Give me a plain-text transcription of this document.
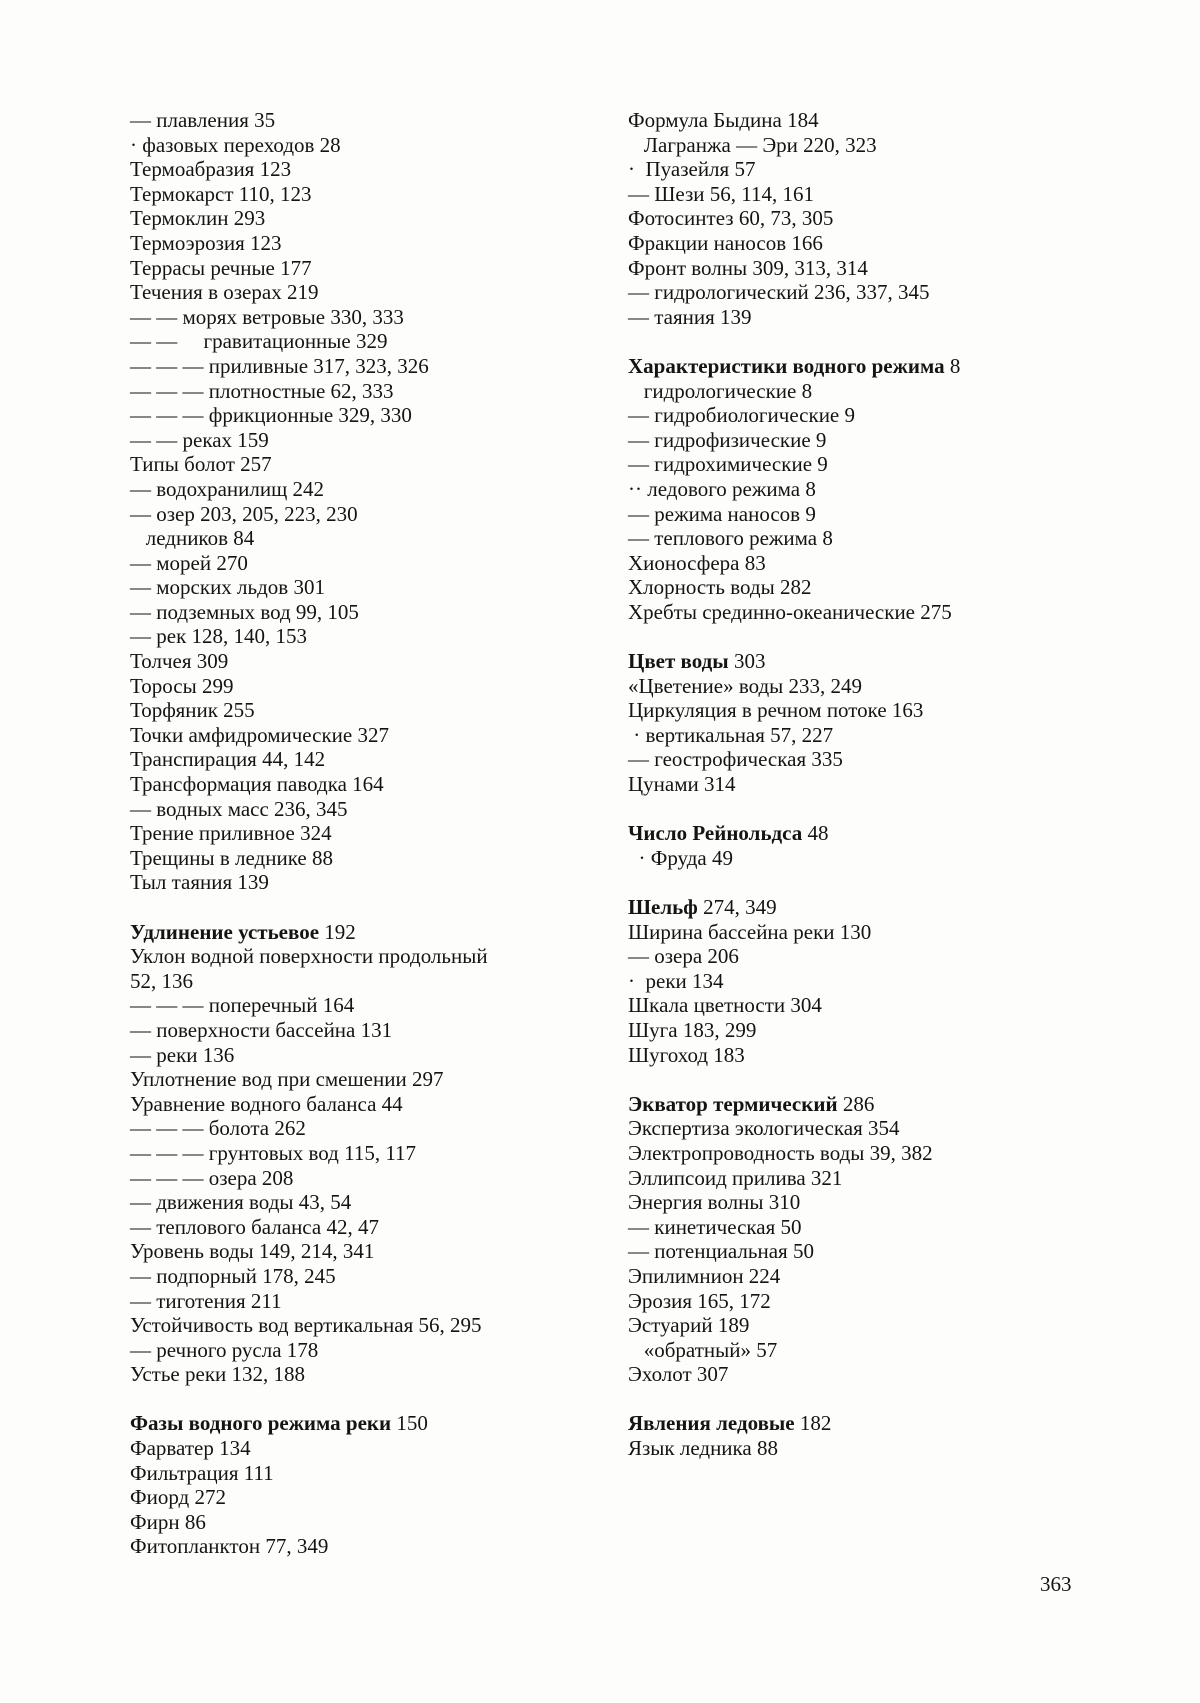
— плавления 35
· фазовых переходов 28
Термоабразия 123
Термокарст 110, 123
Термоклин 293
Термоэрозия 123
Террасы речные 177
Течения в озерах 219
— — морях ветровые 330, 333
— —     гравитационные 329
— — — приливные 317, 323, 326
— — — плотностные 62, 333
— — — фрикционные 329, 330
— — реках 159
Типы болот 257
— водохранилищ 242
— озер 203, 205, 223, 230
ледников 84
— морей 270
— морских льдов 301
— подземных вод 99, 105
— рек 128, 140, 153
Толчея 309
Торосы 299
Торфяник 255
Точки амфидромические 327
Транспирация 44, 142
Трансформация паводка 164
— водных масс 236, 345
Трение приливное 324
Трещины в леднике 88
Тыл таяния 139
Удлинение устьевое 192
Уклон водной поверхности продольный
52, 136
— — — поперечный 164
— поверхности бассейна 131
— реки 136
Уплотнение вод при смешении 297
Уравнение водного баланса 44
— — — болота 262
— — — грунтовых вод 115, 117
— — — озера 208
— движения воды 43, 54
— теплового баланса 42, 47
Уровень воды 149, 214, 341
— подпорный 178, 245
— тиготения 211
Устойчивость вод вертикальная 56, 295
— речного русла 178
Устье реки 132, 188
Фазы водного режима реки 150
Фарватер 134
Фильтрация 111
Фиорд 272
Фирн 86
Фитопланктон 77, 349
Формула Быдина 184
Лагранжа — Эри 220, 323
·  Пуазейля 57
— Шези 56, 114, 161
Фотосинтез 60, 73, 305
Фракции наносов 166
Фронт волны 309, 313, 314
— гидрологический 236, 337, 345
— таяния 139
Характеристики водного режима 8
гидрологические 8
— гидробиологические 9
— гидрофизические 9
— гидрохимические 9
·· ледового режима 8
— режима наносов 9
— теплового режима 8
Хионосфера 83
Хлорность воды 282
Хребты срединно-океанические 275
Цвет воды 303
«Цветение» воды 233, 249
Циркуляция в речном потоке 163
· вертикальная 57, 227
— геострофическая 335
Цунами 314
Число Рейнольдса 48
· Фруда 49
Шельф 274, 349
Ширина бассейна реки 130
— озера 206
·  реки 134
Шкала цветности 304
Шуга 183, 299
Шугоход 183
Экватор термический 286
Экспертиза экологическая 354
Электропроводность воды 39, 382
Эллипсоид прилива 321
Энергия волны 310
— кинетическая 50
— потенциальная 50
Эпилимнион 224
Эрозия 165, 172
Эстуарий 189
«обратный» 57
Эхолот 307
Явления ледовые 182
Язык ледника 88
363
